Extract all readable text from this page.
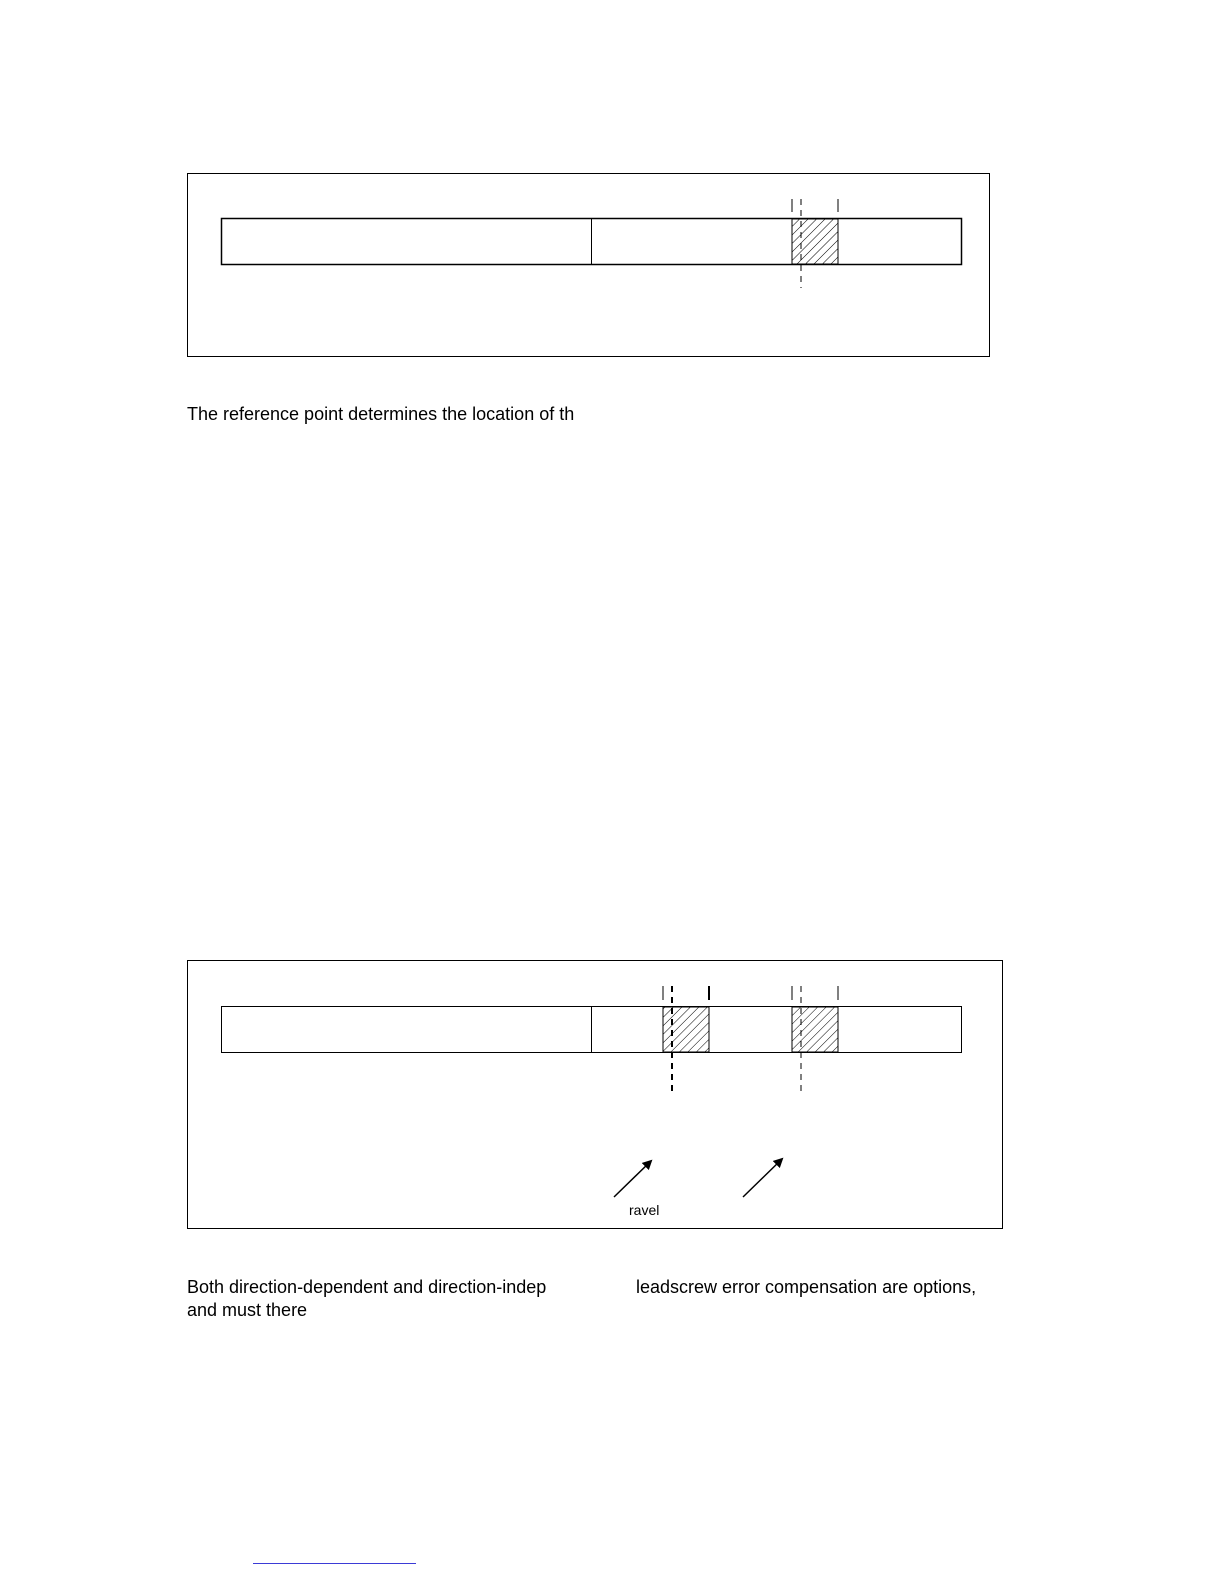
ravel

The reference point determines the location of th

Both direction-dependent and direction-indep	leadscrew error compensation are options,

and must there
